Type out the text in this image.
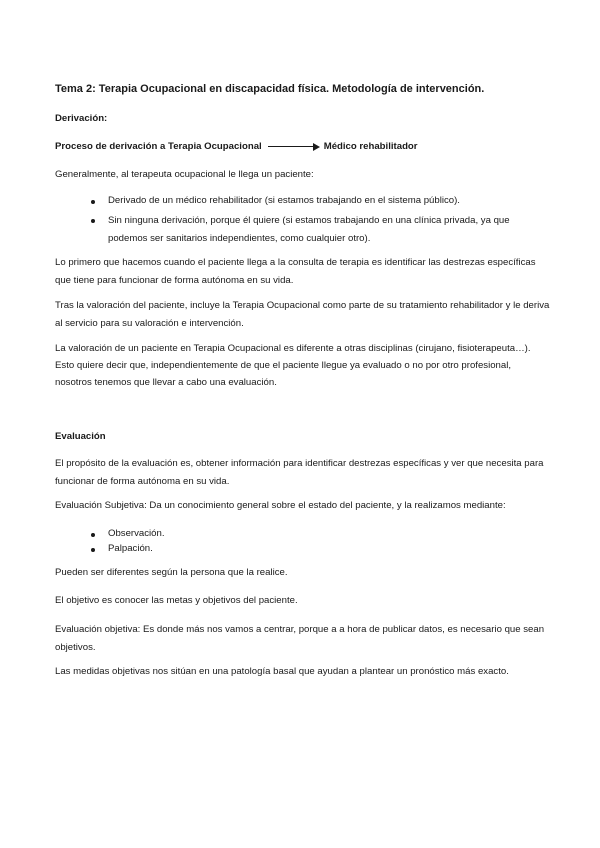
Tema 2: Terapia Ocupacional en discapacidad física. Metodología de intervención.
Derivación:
Proceso de derivación a Terapia Ocupacional	Médico rehabilitador
Generalmente, al terapeuta ocupacional le llega un paciente:
Derivado de un médico rehabilitador (si estamos trabajando en el sistema público).
Sin ninguna derivación, porque él quiere (si estamos trabajando en una clínica privada, ya que podemos ser sanitarios independientes, como cualquier otro).
Lo primero que hacemos cuando el paciente llega a la consulta de terapia es identificar las destrezas específicas que tiene para funcionar de forma autónoma en su vida.
Tras la valoración del paciente, incluye la Terapia Ocupacional como parte de su tratamiento rehabilitador y le deriva al servicio para su valoración e intervención.
La valoración de un paciente en Terapia Ocupacional es diferente a otras disciplinas (cirujano, fisioterapeuta…). Esto quiere decir que, independientemente de que el paciente llegue ya evaluado o no por otro profesional, nosotros tenemos que llevar a cabo una evaluación.
Evaluación
El propósito de la evaluación es, obtener información para identificar destrezas específicas y ver que necesita para funcionar de forma autónoma en su vida.
Evaluación Subjetiva: Da un conocimiento general sobre el estado del paciente, y la realizamos mediante:
Observación.
Palpación.
Pueden ser diferentes según la persona que la realice.
El objetivo es conocer las metas y objetivos del paciente.
Evaluación objetiva: Es donde más nos vamos a centrar, porque a a hora de publicar datos, es necesario que sean objetivos.
Las medidas objetivas nos sitúan en una patología basal que ayudan a plantear un pronóstico más exacto.
